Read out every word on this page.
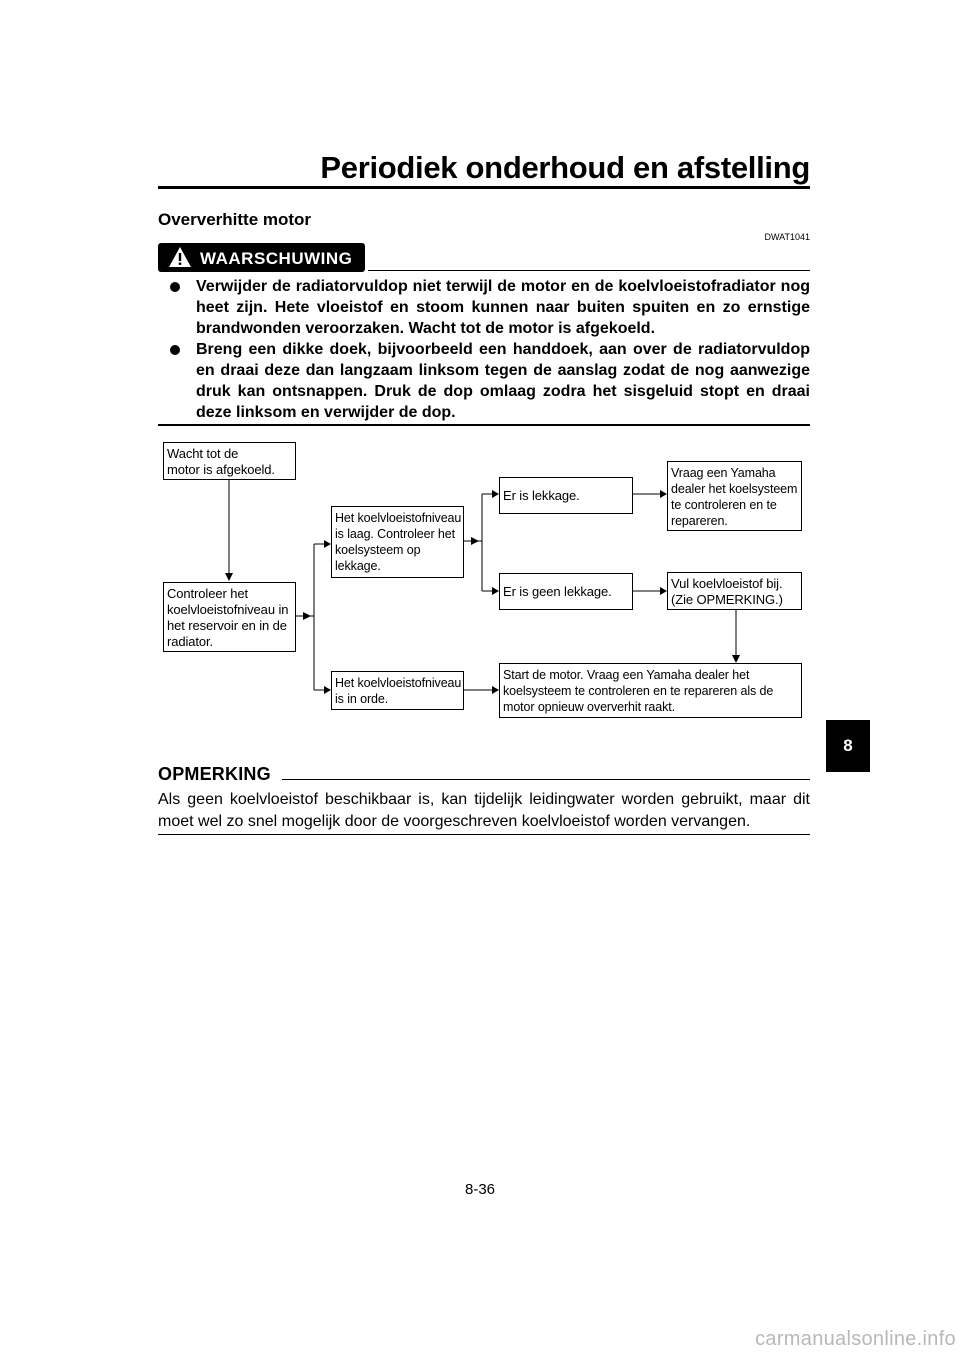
Periodiek onderhoud en afstelling
Oververhitte motor
DWAT1041
WAARSCHUWING
Verwijder de radiatorvuldop niet terwijl de motor en de koelvloeistofradiator nog heet zijn. Hete vloeistof en stoom kunnen naar buiten spuiten en zo ernstige brandwonden veroorzaken. Wacht tot de motor is afgekoeld.
Breng een dikke doek, bijvoorbeeld een handdoek, aan over de radiatorvuldop en draai deze dan langzaam linksom tegen de aanslag zodat de nog aanwezige druk kan ontsnappen. Druk de dop omlaag zodra het sisgeluid stopt en draai deze linksom en verwijder de dop.
Wacht tot de
motor is afgekoeld.
Controleer het
koelvloeistofniveau in
het reservoir en in de
radiator.
Het koelvloeistofniveau
is laag. Controleer het
koelsysteem op
lekkage.
Het koelvloeistofniveau
is in orde.
Er is lekkage.
Er is geen lekkage.
Vraag een Yamaha
dealer het koelsysteem
te controleren en te
repareren.
Vul koelvloeistof bij.
(Zie OPMERKING.)
Start de motor. Vraag een Yamaha dealer het
koelsysteem te controleren en te repareren als de
motor opnieuw oververhit raakt.
OPMERKING
Als geen koelvloeistof beschikbaar is, kan tijdelijk leidingwater worden gebruikt, maar dit moet wel zo snel mogelijk door de voorgeschreven koelvloeistof worden vervangen.
8
8-36
carmanualsonline.info
